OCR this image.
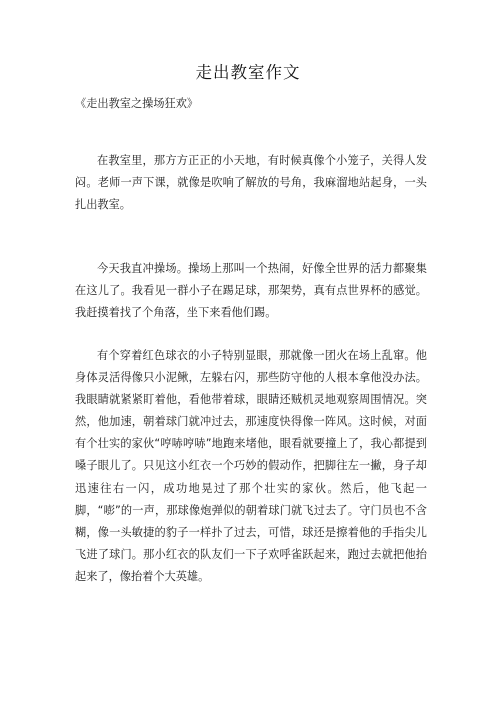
走出教室作文
《走出教室之操场狂欢》

在教室里，那方方正正的小天地，有时候真像个小笼子，关得人发闷。老师一声下课，就像是吹响了解放的号角，我麻溜地站起身，一头扎出教室。

今天我直冲操场。操场上那叫一个热闹，好像全世界的活力都聚集在这儿了。我看见一群小子在踢足球，那架势，真有点世界杯的感觉。我赶摸着找了个角落，坐下来看他们踢。

有个穿着红色球衣的小子特别显眼，那就像一团火在场上乱窜。他身体灵活得像只小泥鳅，左躲右闪，那些防守他的人根本拿他没办法。我眼睛就紧紧盯着他，看他带着球，眼睛还贼机灵地观察周围情况。突然，他加速，朝着球门就冲过去，那速度快得像一阵风。这时候，对面有个壮实的家伙“哼哧哼哧”地跑来堵他，眼看就要撞上了，我心都提到嗓子眼儿了。只见这小红衣一个巧妙的假动作，把脚往左一撇，身子却迅速往右一闪，成功地晃过了那个壮实的家伙。然后，他飞起一脚，“嘭”的一声，那球像炮弹似的朝着球门就飞过去了。守门员也不含糊，像一头敏捷的豹子一样扑了过去，可惜，球还是擦着他的手指尖儿飞进了球门。那小红衣的队友们一下子欢呼雀跃起来，跑过去就把他抬起来了，像抬着个大英雄。
